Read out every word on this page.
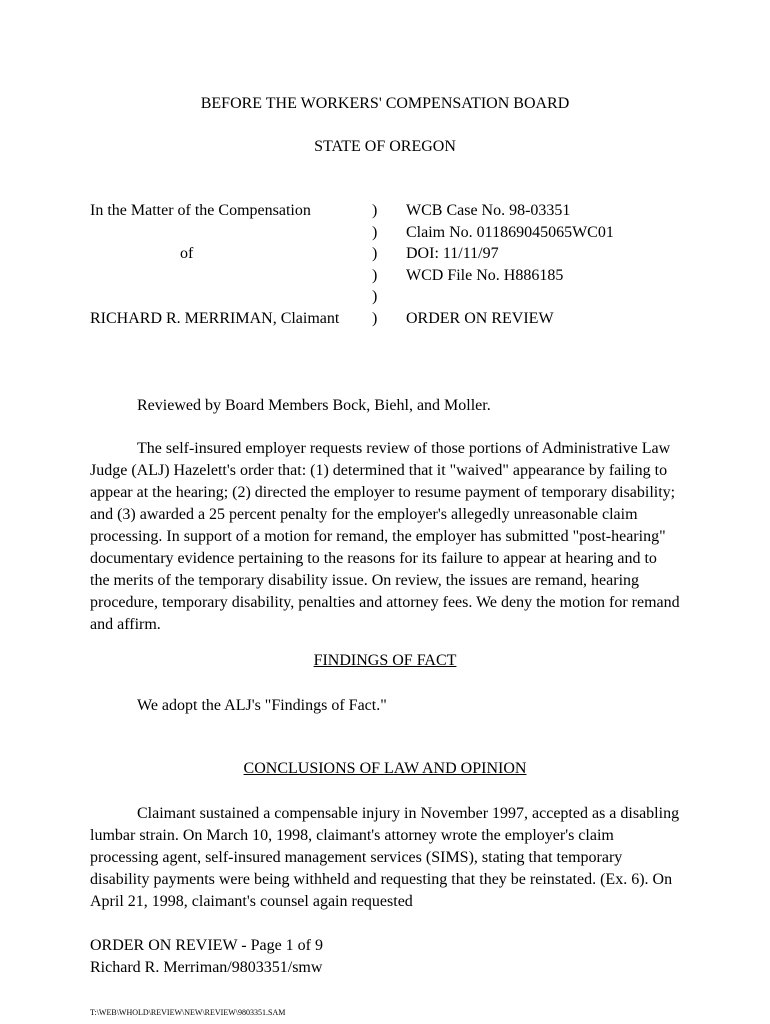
BEFORE THE WORKERS' COMPENSATION BOARD
STATE OF OREGON
In the Matter of the Compensation
of
RICHARD R. MERRIMAN, Claimant
)
)
)
)
)
)
WCB Case No. 98-03351
Claim No. 011869045065WC01
DOI: 11/11/97
WCD File No. H886185
ORDER ON REVIEW
Reviewed by Board Members Bock, Biehl, and Moller.
The self-insured employer requests review of those portions of Administrative Law Judge (ALJ) Hazelett's order that: (1) determined that it "waived" appearance by failing to appear at the hearing; (2) directed the employer to resume payment of temporary disability; and (3) awarded a 25 percent penalty for the employer's allegedly unreasonable claim processing. In support of a motion for remand, the employer has submitted "post-hearing" documentary evidence pertaining to the reasons for its failure to appear at hearing and to the merits of the temporary disability issue. On review, the issues are remand, hearing procedure, temporary disability, penalties and attorney fees. We deny the motion for remand and affirm.
FINDINGS OF FACT
We adopt the ALJ's "Findings of Fact."
CONCLUSIONS OF LAW AND OPINION
Claimant sustained a compensable injury in November 1997, accepted as a disabling lumbar strain. On March 10, 1998, claimant's attorney wrote the employer's claim processing agent, self-insured management services (SIMS), stating that temporary disability payments were being withheld and requesting that they be reinstated. (Ex. 6). On April 21, 1998, claimant's counsel again requested
ORDER ON REVIEW - Page 1 of 9
Richard R. Merriman/9803351/smw
T:\WEB\WHOLD\REVIEW\NEW\REVIEW\9803351.SAM
